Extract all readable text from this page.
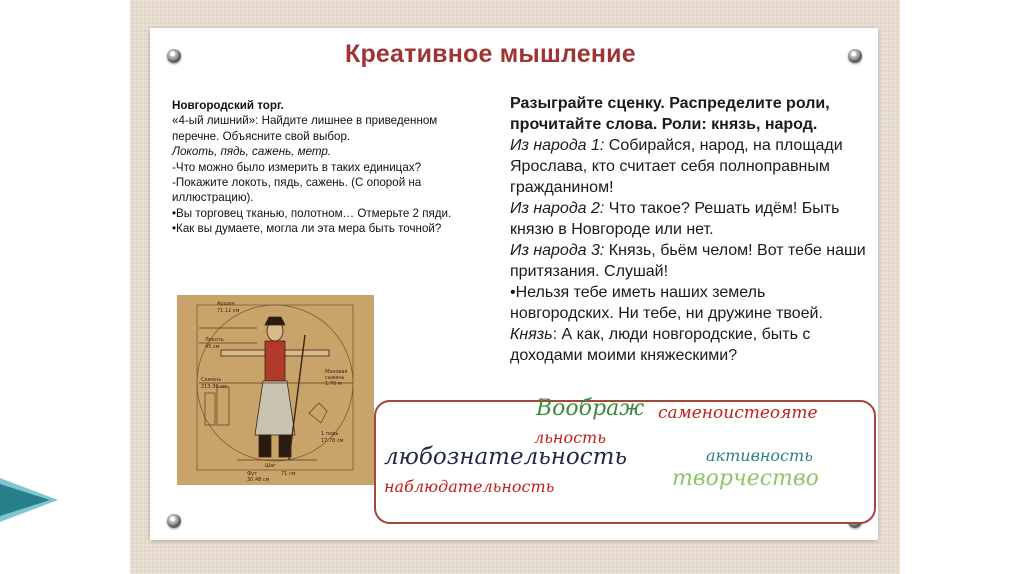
Креативное мышление
Новгородский торг.
«4-ый лишний»: Найдите лишнее в приведенном перечне. Объясните свой выбор.
Локоть, пядь, сажень, метр.
-Что можно было измерить в таких единицах?
-Покажите локоть, пядь, сажень. (С опорой на иллюстрацию).
•Вы торговец тканью, полотном… Отмерьте 2 пяди.
•Как вы думаете, могла ли эта мера быть точной?
Аршин
71.12 см
Локоть
45 см
Сажень
213.36 см
Маховая
сажень
1.76 м
1 пядь
17.78 см
Шаг
Фут
30.48 см
71 см
Разыграйте сценку. Распределите роли, прочитайте слова. Роли: князь, народ.
Из народа 1: Собирайся, народ, на площади Ярослава, кто считает себя полноправным гражданином!
Из народа 2: Что такое? Решать идём! Быть князю в Новгороде или нет.
Из народа 3: Князь, бьём челом! Вот тебе наши притязания. Слушай!
•Нельзя тебе иметь наших земель новгородских. Ни тебе, ни дружине твоей.
Князь: А как, люди новгородские, быть с доходами моими княжескими?
Воображ саменоистеояте
льность
любознательность	активность
творчество
наблюдательность
